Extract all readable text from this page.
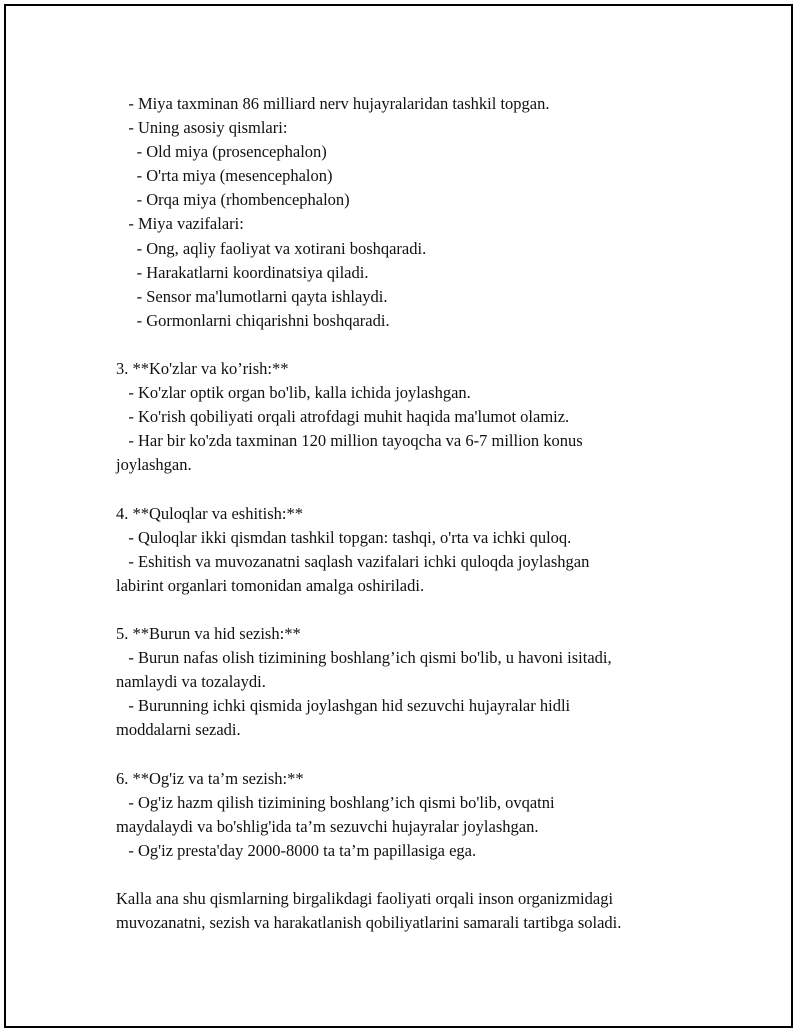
- Miya taxminan 86 milliard nerv hujayralaridan tashkil topgan.
- Uning asosiy qismlari:
- Old miya (prosencephalon)
- O'rta miya (mesencephalon)
- Orqa miya (rhombencephalon)
- Miya vazifalari:
- Ong, aqliy faoliyat va xotirani boshqaradi.
- Harakatlarni koordinatsiya qiladi.
- Sensor ma'lumotlarni qayta ishlaydi.
- Gormonlarni chiqarishni boshqaradi.
3. **Ko'zlar va ko’rish:**
- Ko'zlar optik organ bo'lib, kalla ichida joylashgan.
- Ko'rish qobiliyati orqali atrofdagi muhit haqida ma'lumot olamiz.
- Har bir ko'zda taxminan 120 million tayoqcha va 6-7 million konus
joylashgan.
4. **Quloqlar va eshitish:**
- Quloqlar ikki qismdan tashkil topgan: tashqi, o'rta va ichki quloq.
- Eshitish va muvozanatni saqlash vazifalari ichki quloqda joylashgan
labirint organlari tomonidan amalga oshiriladi.
5. **Burun va hid sezish:**
- Burun nafas olish tizimining boshlang’ich qismi bo'lib, u havoni isitadi,
namlaydi va tozalaydi.
- Burunning ichki qismida joylashgan hid sezuvchi hujayralar hidli
moddalarni sezadi.
6. **Og'iz va ta’m sezish:**
- Og'iz hazm qilish tizimining boshlang’ich qismi bo'lib, ovqatni
maydalaydi va bo'shlig'ida ta’m sezuvchi hujayralar joylashgan.
- Og'iz presta'day 2000-8000 ta ta’m papillasiga ega.
Kalla ana shu qismlarning birgalikdagi faoliyati orqali inson organizmidagi
muvozanatni, sezish va harakatlanish qobiliyatlarini samarali tartibga soladi.
